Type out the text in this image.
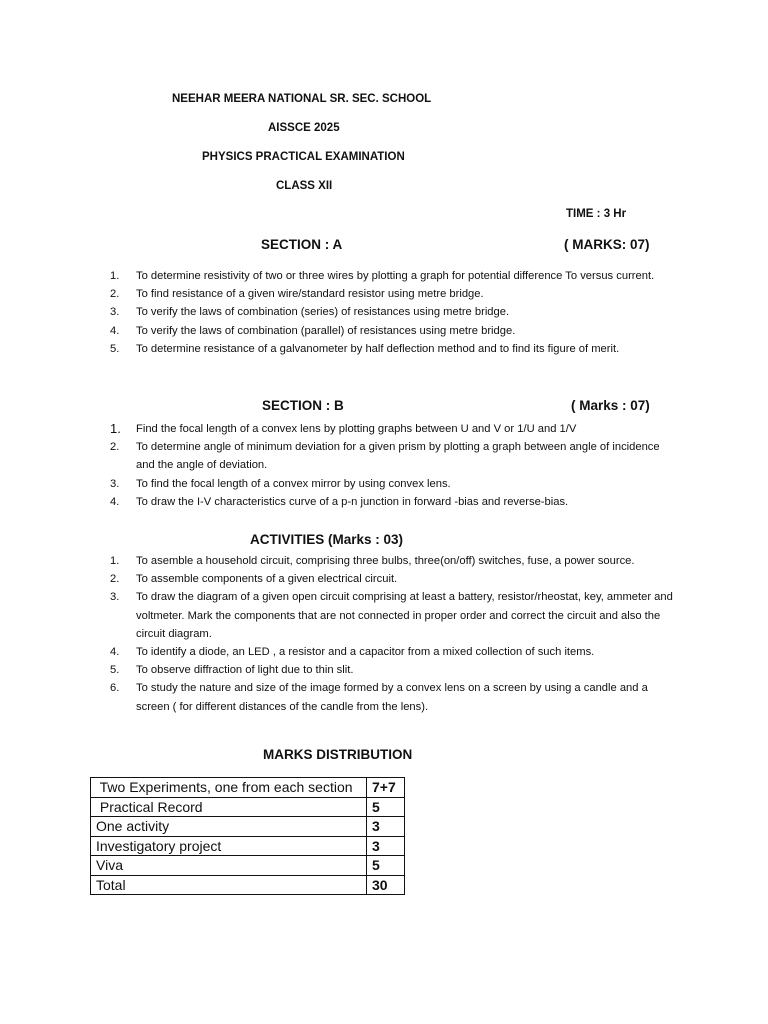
NEEHAR MEERA NATIONAL SR. SEC. SCHOOL
AISSCE 2025
PHYSICS PRACTICAL EXAMINATION
CLASS XII
TIME : 3 Hr
SECTION : A	( MARKS: 07)
1. To determine resistivity of two or three wires by plotting a graph for potential difference To versus current.
2. To find resistance of a given wire/standard resistor using metre bridge.
3. To verify the laws of combination (series) of resistances using metre bridge.
4. To verify the laws of combination (parallel) of resistances using metre bridge.
5. To determine resistance of a galvanometer by half deflection method and to find its figure of merit.
SECTION : B	( Marks : 07)
1. Find the focal length of a convex lens by plotting graphs between U and V or 1/U and 1/V
2. To determine angle of minimum deviation for a given prism by plotting a graph between angle of incidence and the angle of deviation.
3. To find the focal length of a convex mirror by using convex lens.
4. To draw the I-V characteristics curve of a p-n junction in forward -bias and reverse-bias.
ACTIVITIES (Marks : 03)
1. To asemble a household circuit, comprising three bulbs, three(on/off) switches, fuse, a power source.
2. To assemble components of a given electrical circuit.
3. To draw the diagram of a given open circuit comprising at least a battery, resistor/rheostat, key, ammeter and voltmeter. Mark the components that are not connected in proper order and correct the circuit and also the circuit diagram.
4. To identify a diode, an LED , a resistor and a capacitor from a mixed collection of such items.
5. To observe diffraction of light due to thin slit.
6. To study the nature and size of the image formed by a convex lens on a screen by using a candle and a screen ( for different distances of the candle from the lens).
MARKS DISTRIBUTION
Two Experiments, one from each section	7+7
Practical Record	5
One activity	3
Investigatory project	3
Viva	5
Total	30
